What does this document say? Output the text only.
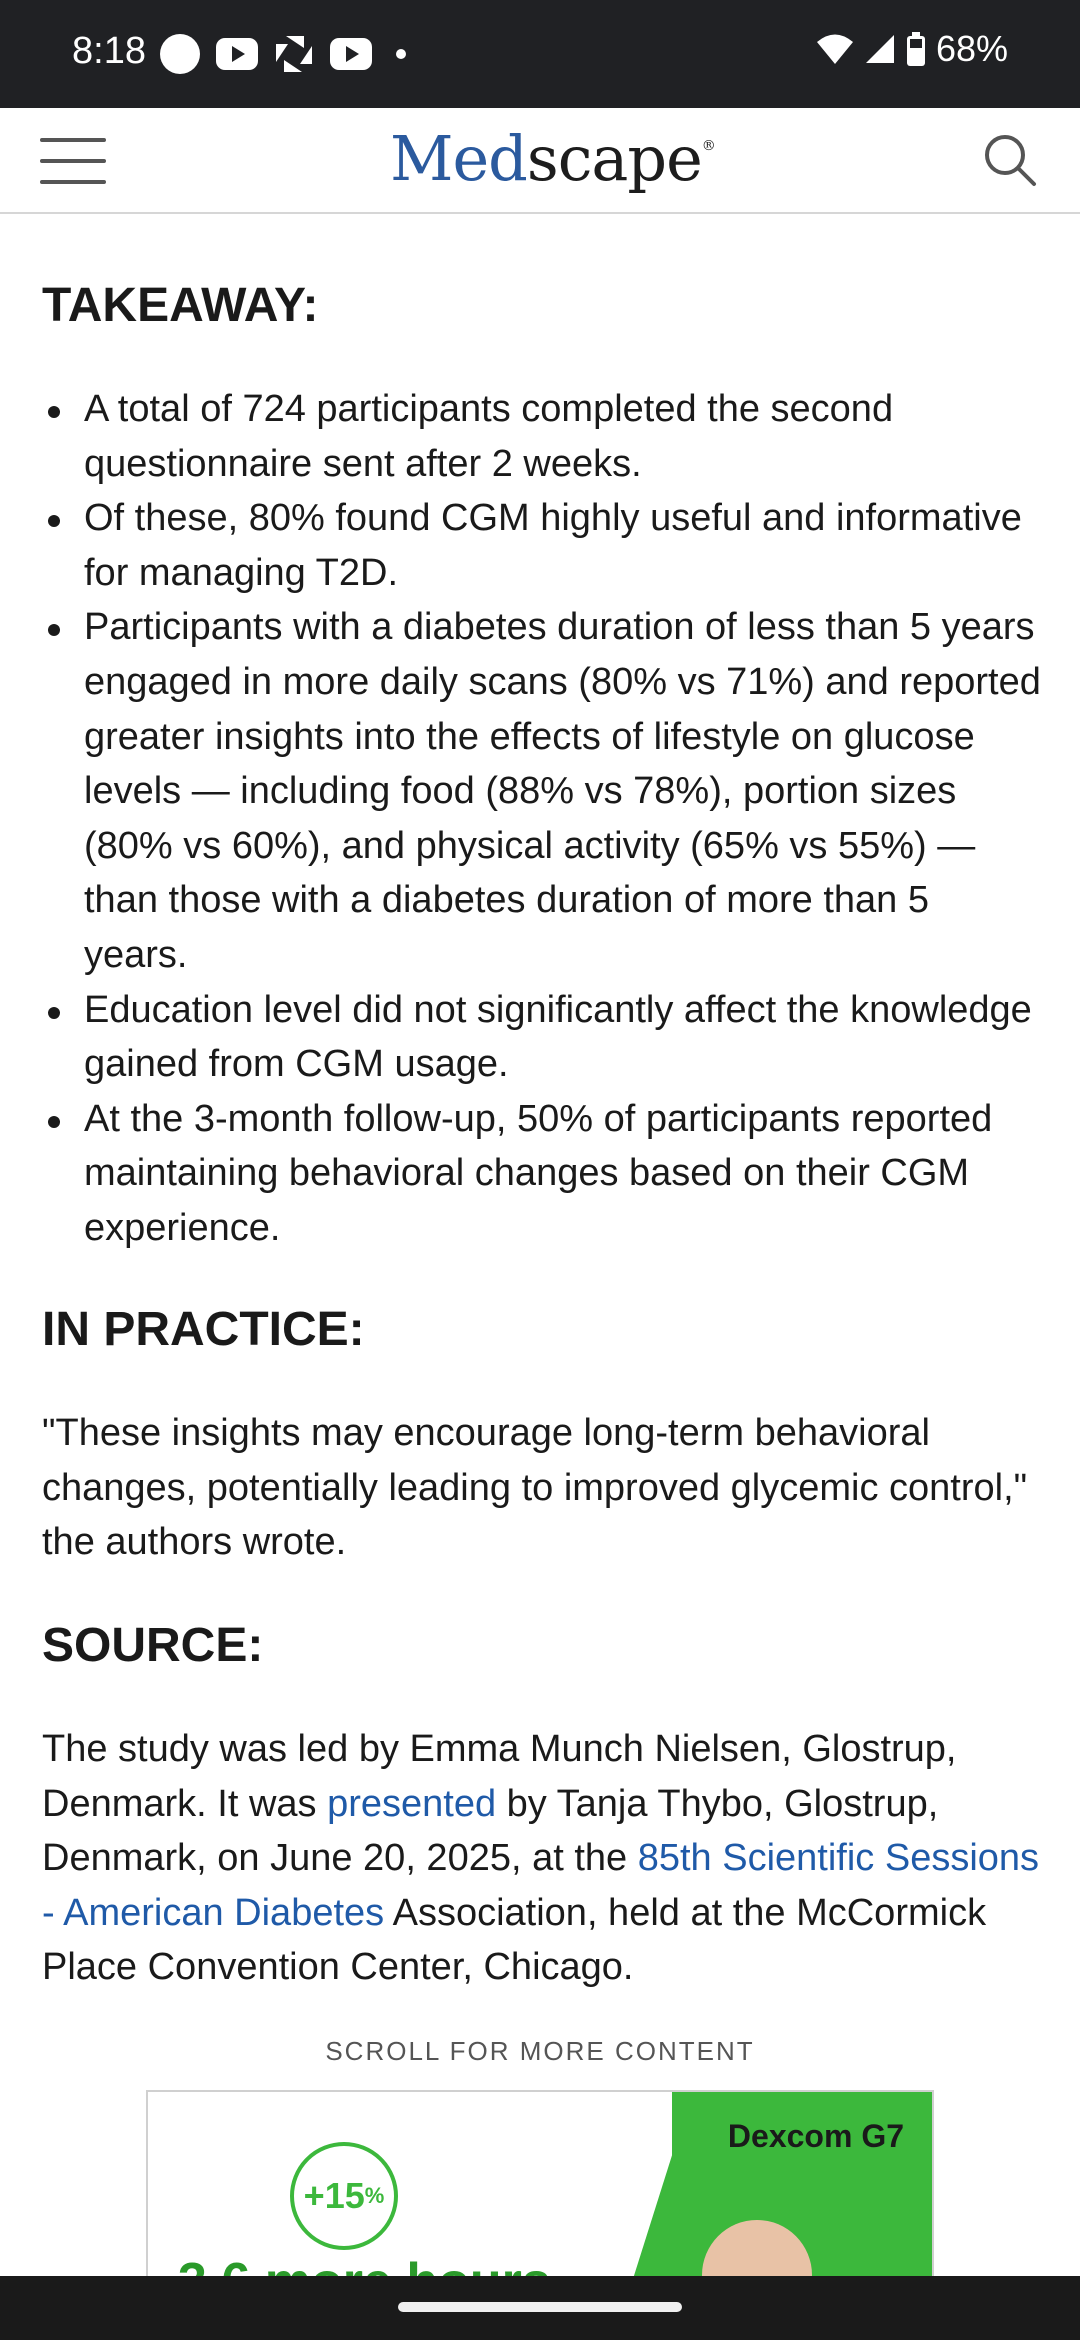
8:18	68%
Medscape®
TAKEAWAY:
A total of 724 participants completed the second questionnaire sent after 2 weeks.
Of these, 80% found CGM highly useful and informative for managing T2D.
Participants with a diabetes duration of less than 5 years engaged in more daily scans (80% vs 71%) and reported greater insights into the effects of lifestyle on glucose levels — including food (88% vs 78%), portion sizes (80% vs 60%), and physical activity (65% vs 55%) — than those with a diabetes duration of more than 5 years.
Education level did not significantly affect the knowledge gained from CGM usage.
At the 3-month follow-up, 50% of participants reported maintaining behavioral changes based on their CGM experience.
IN PRACTICE:

"These insights may encourage long-term behavioral changes, potentially leading to improved glycemic control," the authors wrote.

SOURCE:

The study was led by Emma Munch Nielsen, Glostrup, Denmark. It was presented by Tanja Thybo, Glostrup, Denmark, on June 20, 2025, at the 85th Scientific Sessions - American Diabetes Association, held at the McCormick Place Convention Center, Chicago.

SCROLL FOR MORE CONTENT
Dexcom G7
+15 %
